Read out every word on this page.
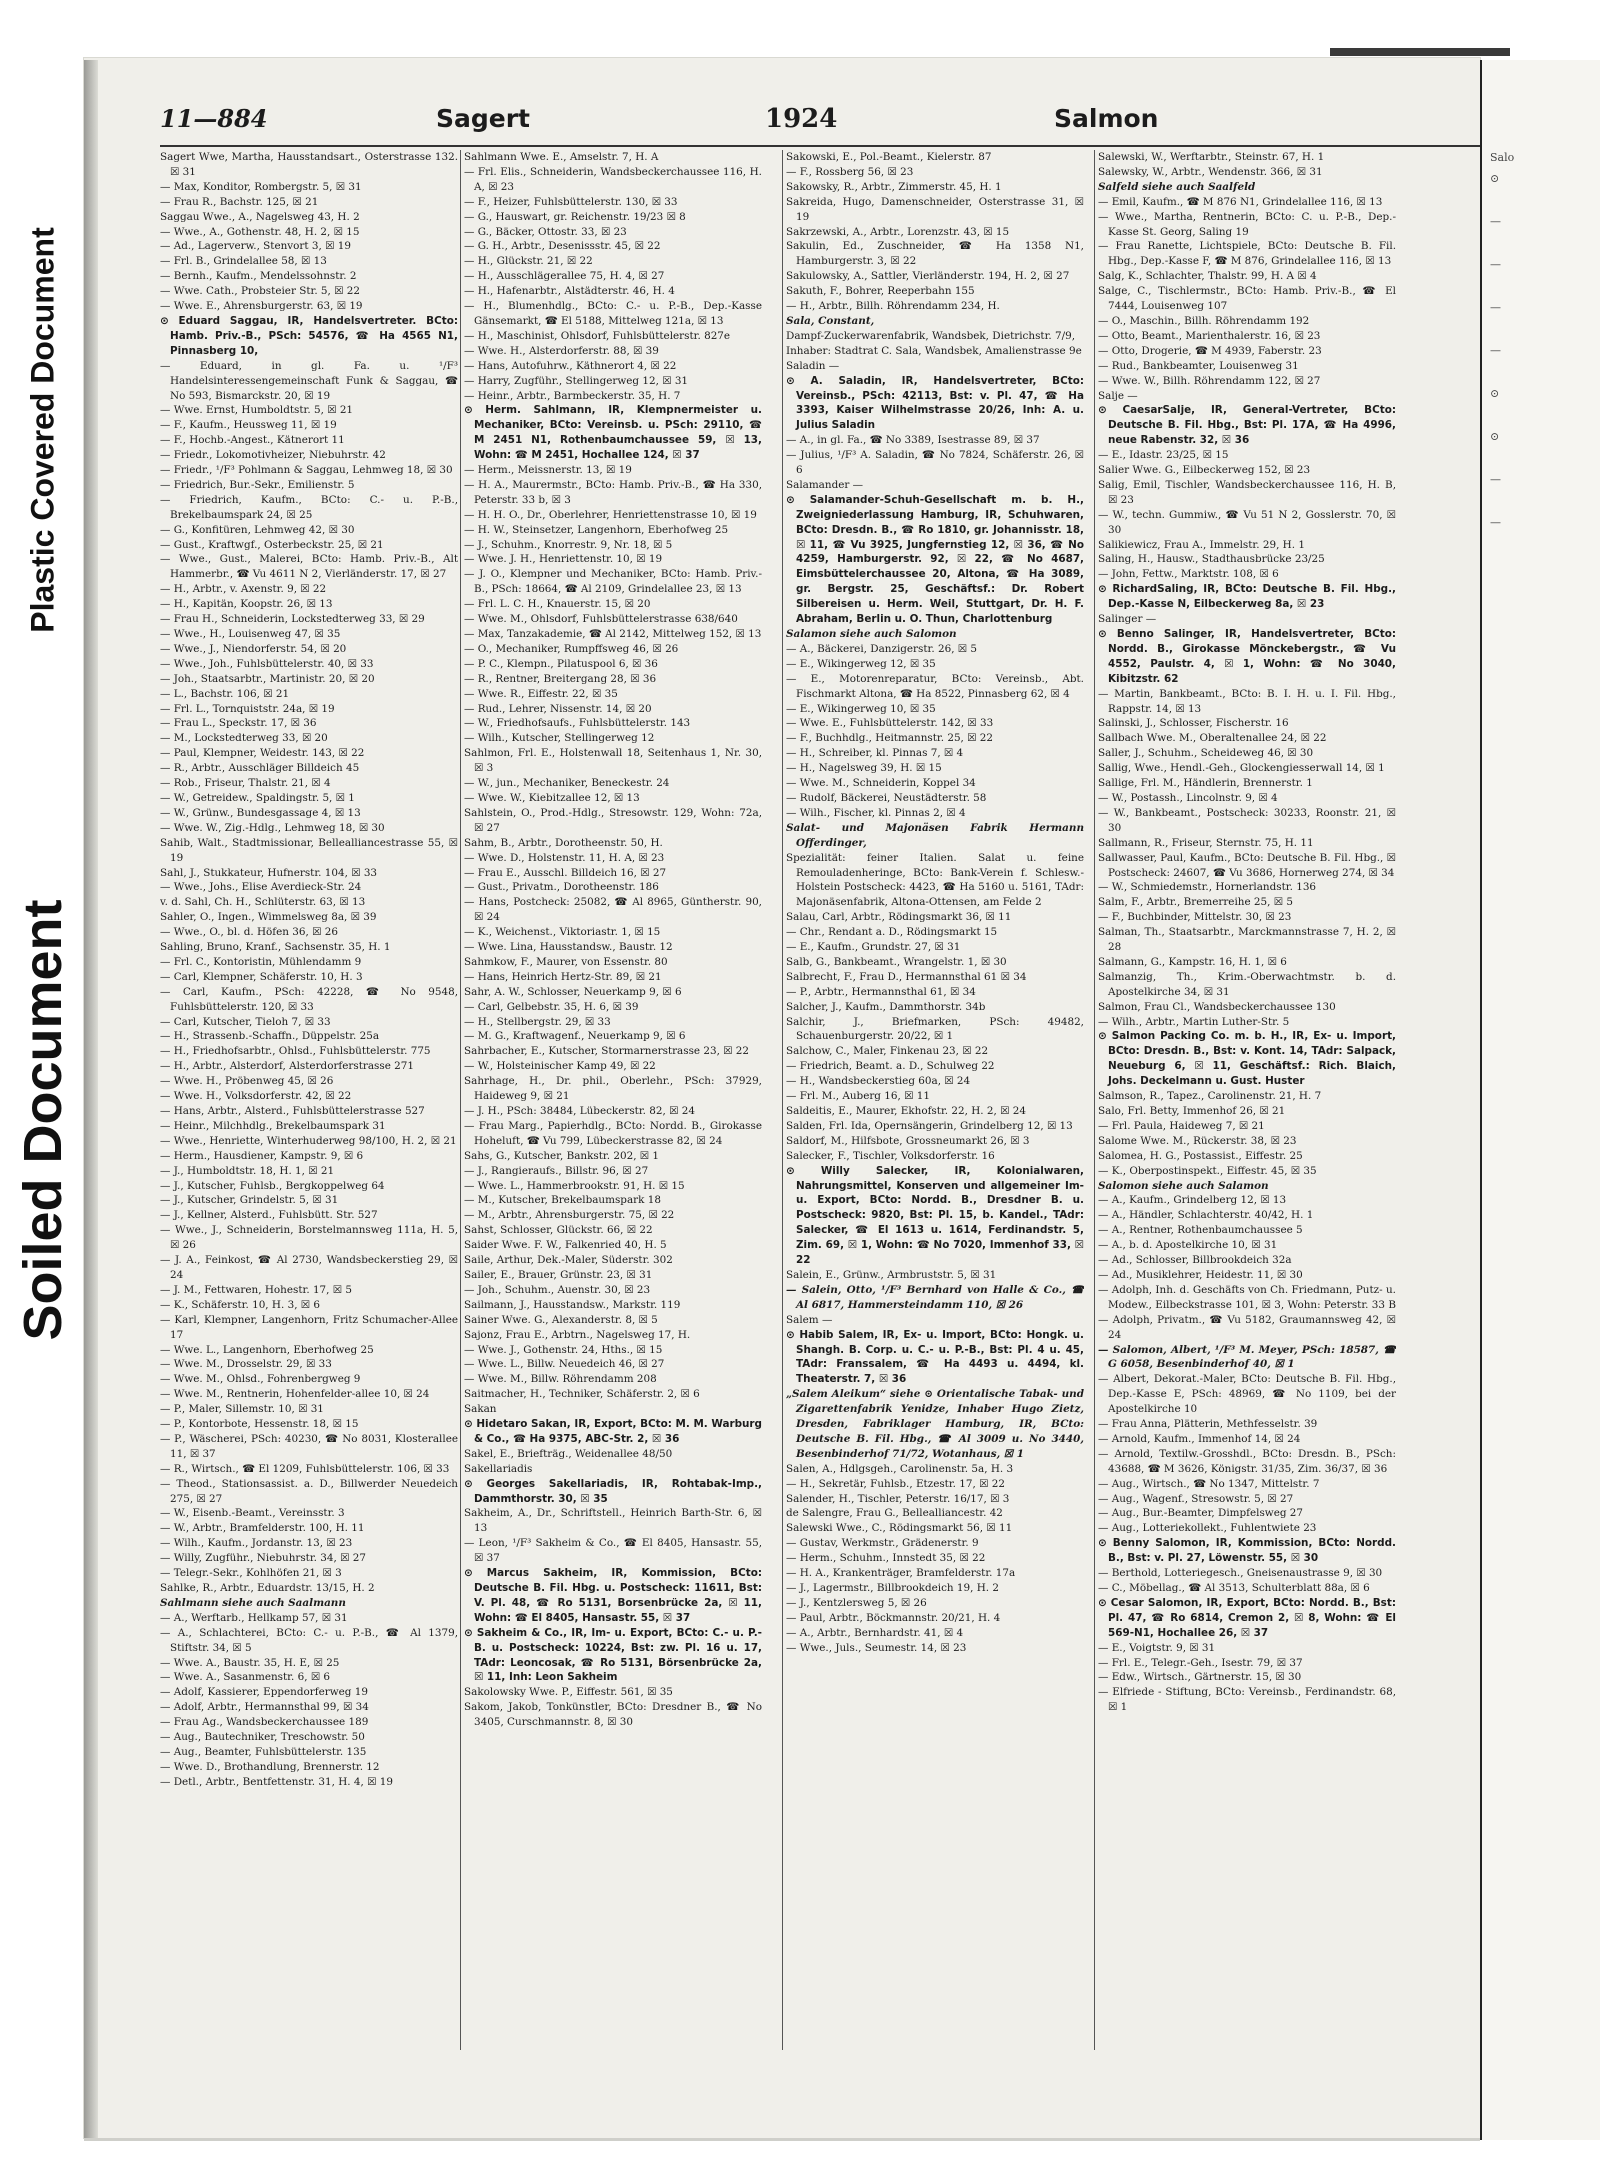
Soiled Document
Plastic Covered Document
Salo
⊙
—
—
—
—
⊙
⊙
—
—
11—884	Sagert	1924	Salmon

Sagert Wwe, Martha, Hausstandsart., Osterstrasse 132. ☒ 31

— Max, Konditor, Rombergstr. 5, ☒ 31

— Frau R., Bachstr. 125, ☒ 21

Saggau Wwe., A., Nagelsweg 43, H. 2

— Wwe., A., Gothenstr. 48, H. 2, ☒ 15

— Ad., Lagerverw., Stenvort 3, ☒ 19

— Frl. B., Grindelallee 58, ☒ 13

— Bernh., Kaufm., Mendelssohnstr. 2

— Wwe. Cath., Probsteier Str. 5, ☒ 22

— Wwe. E., Ahrensburgerstr. 63, ☒ 19

⊙ Eduard Saggau, IR, Handelsvertreter. BCto: Hamb. Priv.-B., PSch: 54576, ☎ Ha 4565 N1, Pinnasberg 10,

— Eduard, in gl. Fa. u. ¹/F³ Handelsinteressengemeinschaft Funk & Saggau, ☎ No 593, Bismarckstr. 20, ☒ 19

— Wwe. Ernst, Humboldtstr. 5, ☒ 21

— F., Kaufm., Heussweg 11, ☒ 19

— F., Hochb.-Angest., Kätnerort 11

— Friedr., Lokomotivheizer, Niebuhrstr. 42

— Friedr., ¹/F³ Pohlmann & Saggau, Lehmweg 18, ☒ 30

— Friedrich, Bur.-Sekr., Emilienstr. 5

— Friedrich, Kaufm., BCto: C.- u. P.-B., Brekelbaumspark 24, ☒ 25

— G., Konfitüren, Lehmweg 42, ☒ 30

— Gust., Kraftwgf., Osterbeckstr. 25, ☒ 21

— Wwe., Gust., Malerei, BCto: Hamb. Priv.-B., Alt Hammerbr., ☎ Vu 4611 N 2, Vierländerstr. 17, ☒ 27

— H., Arbtr., v. Axenstr. 9, ☒ 22

— H., Kapitän, Koopstr. 26, ☒ 13

— Frau H., Schneiderin, Lockstedterweg 33, ☒ 29

— Wwe., H., Louisenweg 47, ☒ 35

— Wwe., J., Niendorferstr. 54, ☒ 20

— Wwe., Joh., Fuhlsbüttelerstr. 40, ☒ 33

— Joh., Staatsarbtr., Martinistr. 20, ☒ 20

— L., Bachstr. 106, ☒ 21

— Frl. L., Tornquiststr. 24a, ☒ 19

— Frau L., Speckstr. 17, ☒ 36

— M., Lockstedterweg 33, ☒ 20

— Paul, Klempner, Weidestr. 143, ☒ 22

— R., Arbtr., Ausschläger Billdeich 45

— Rob., Friseur, Thalstr. 21, ☒ 4

— W., Getreidew., Spaldingstr. 5, ☒ 1

— W., Grünw., Bundesgassage 4, ☒ 13

— Wwe. W., Zig.-Hdlg., Lehmweg 18, ☒ 30

Sahib, Walt., Stadtmissionar, Belleallianсestrasse 55, ☒ 19

Sahl, J., Stukkateur, Hufnerstr. 104, ☒ 33

— Wwe., Johs., Elise Averdieck-Str. 24

v. d. Sahl, Ch. H., Schlüterstr. 63, ☒ 13

Sahler, O., Ingen., Wimmelsweg 8a, ☒ 39

— Wwe., O., bl. d. Höfen 36, ☒ 26

Sahling, Bruno, Kranf., Sachsenstr. 35, H. 1

— Frl. C., Kontoristin, Mühlendamm 9

— Carl, Klempner, Schäferstr. 10, H. 3

— Carl, Kaufm., PSch: 42228, ☎ No 9548, Fuhlsbüttelerstr. 120, ☒ 33

— Carl, Kutscher, Tieloh 7, ☒ 33

— H., Strassenb.-Schaffn., Düppelstr. 25a

— H., Friedhofsarbtr., Ohlsd., Fuhlsbüttelerstr. 775

— H., Arbtr., Alsterdorf, Alsterdorferstrasse 271

— Wwe. H., Pröbenweg 45, ☒ 26

— Wwe. H., Volksdorferstr. 42, ☒ 22

— Hans, Arbtr., Alsterd., Fuhlsbüttelerstrasse 527

— Heinr., Milchhdlg., Brekelbaumspark 31

— Wwe., Henriette, Winterhuderweg 98/100, H. 2, ☒ 21

— Herm., Hausdiener, Kampstr. 9, ☒ 6

— J., Humboldtstr. 18, H. 1, ☒ 21

— J., Kutscher, Fuhlsb., Bergkoppelweg 64

— J., Kutscher, Grindelstr. 5, ☒ 31

— J., Kellner, Alsterd., Fuhlsbütt. Str. 527

— Wwe., J., Schneiderin, Borstelmannsweg 111a, H. 5, ☒ 26

— J. A., Feinkost, ☎ Al 2730, Wandsbeckerstieg 29, ☒ 24

— J. M., Fettwaren, Hohestr. 17, ☒ 5

— K., Schäferstr. 10, H. 3, ☒ 6

— Karl, Klempner, Langenhorn, Fritz Schumacher-Allee 17

— Wwe. L., Langenhorn, Eberhofweg 25

— Wwe. M., Drosselstr. 29, ☒ 33

— Wwe. M., Ohlsd., Fohrenbergweg 9

— Wwe. M., Rentnerin, Hohenfelder-allee 10, ☒ 24

— P., Maler, Sillemstr. 10, ☒ 31

— P., Kontorbote, Hessenstr. 18, ☒ 15

— P., Wäscherei, PSch: 40230, ☎ No 8031, Klosterallee 11, ☒ 37

— R., Wirtsch., ☎ El 1209, Fuhlsbüttelerstr. 106, ☒ 33

— Theod., Stationsassist. a. D., Billwerder Neuedeich 275, ☒ 27

— W., Eisenb.-Beamt., Vereinsstr. 3

— W., Arbtr., Bramfelderstr. 100, H. 11

— Wilh., Kaufm., Jordanstr. 13, ☒ 23

— Willy, Zugführ., Niebuhrstr. 34, ☒ 27

— Telegr.-Sekr., Kohlhöfen 21, ☒ 3

Sahlke, R., Arbtr., Eduardstr. 13/15, H. 2

Sahlmann siehe auch Saalmann

— A., Werftarb., Hellkamp 57, ☒ 31

— A., Schlachterei, BCto: C.- u. P.-B., ☎ Al 1379, Stiftstr. 34, ☒ 5

— Wwe. A., Baustr. 35, H. E, ☒ 25

— Wwe. A., Sasanmenstr. 6, ☒ 6

— Adolf, Kassierer, Eppendorferweg 19

— Adolf, Arbtr., Hermannsthal 99, ☒ 34

— Frau Ag., Wandsbeckerchaussee 189

— Aug., Bautechniker, Treschowstr. 50

— Aug., Beamter, Fuhlsbüttelerstr. 135

— Wwe. D., Brothandlung, Brennerstr. 12

— Detl., Arbtr., Bentfettenstr. 31, H. 4, ☒ 19

Sahlmann Wwe. E., Amselstr. 7, H. A

— Frl. Elis., Schneiderin, Wandsbeckerchaussee 116, H. A, ☒ 23

— F., Heizer, Fuhlsbüttelerstr. 130, ☒ 33

— G., Hauswart, gr. Reichenstr. 19/23 ☒ 8

— G., Bäcker, Ottostr. 33, ☒ 23

— G. H., Arbtr., Desenissstr. 45, ☒ 22

— H., Glückstr. 21, ☒ 22

— H., Ausschlägerallee 75, H. 4, ☒ 27

— H., Hafenarbtr., Alstädterstr. 46, H. 4

— H., Blumenhdlg., BCto: C.- u. P.-B., Dep.-Kasse Gänsemarkt, ☎ El 5188, Mittelweg 121a, ☒ 13

— H., Maschinist, Ohlsdorf, Fuhlsbüttelerstr. 827e

— Wwe. H., Alsterdorferstr. 88, ☒ 39

— Hans, Autofuhrw., Käthnerort 4, ☒ 22

— Harry, Zugführ., Stellingerweg 12, ☒ 31

— Heinr., Arbtr., Barmbeckerstr. 35, H. 7

⊙ Herm. Sahlmann, IR, Klempnermeister u. Mechaniker, BCto: Vereinsb. u. PSch: 29110, ☎ M 2451 N1, Rothenbaumchaussee 59, ☒ 13, Wohn: ☎ M 2451, Hochallee 124, ☒ 37

— Herm., Meissnerstr. 13, ☒ 19

— H. A., Maurermstr., BCto: Hamb. Priv.-B., ☎ Ha 330, Peterstr. 33 b, ☒ 3

— H. H. O., Dr., Oberlehrer, Henriettenstrasse 10, ☒ 19

— H. W., Steinsetzer, Langenhorn, Eberhofweg 25

— J., Schuhm., Knorrestr. 9, Nr. 18, ☒ 5

— Wwe. J. H., Henriettenstr. 10, ☒ 19

— J. O., Klempner und Mechaniker, BCto: Hamb. Priv.-B., PSch: 18664, ☎ Al 2109, Grindelallee 23, ☒ 13

— Frl. L. C. H., Knauerstr. 15, ☒ 20

— Wwe. M., Ohlsdorf, Fuhlsbüttelerstrasse 638/640

— Max, Tanzakademie, ☎ Al 2142, Mittelweg 152, ☒ 13

— O., Mechaniker, Rumpffsweg 46, ☒ 26

— P. C., Klempn., Pilatuspool 6, ☒ 36

— R., Rentner, Breitergang 28, ☒ 36

— Wwe. R., Eiffestr. 22, ☒ 35

— Rud., Lehrer, Nissenstr. 14, ☒ 20

— W., Friedhofsaufs., Fuhlsbüttelerstr. 143

— Wilh., Kutscher, Stellingerweg 12

Sahlmon, Frl. E., Holstenwall 18, Seitenhaus 1, Nr. 30, ☒ 3

— W., jun., Mechaniker, Beneckestr. 24

— Wwe. W., Kiebitzallee 12, ☒ 13

Sahlstein, O., Prod.-Hdlg., Stresowstr. 129, Wohn: 72a, ☒ 27

Sahm, B., Arbtr., Dorotheenstr. 50, H.

— Wwe. D., Holstenstr. 11, H. A, ☒ 23

— Frau E., Ausschl. Billdeich 16, ☒ 27

— Gust., Privatm., Dorotheenstr. 186

— Hans, Postcheck: 25082, ☎ Al 8965, Güntherstr. 90, ☒ 24

— K., Weichenst., Viktoriastr. 1, ☒ 15

— Wwe. Lina, Hausstandsw., Baustr. 12

Sahmkow, F., Maurer, von Essenstr. 80

— Hans, Heinrich Hertz-Str. 89, ☒ 21

Sahr, A. W., Schlosser, Neuerkamp 9, ☒ 6

— Carl, Gelbebstr. 35, H. 6, ☒ 39

— H., Stellbergstr. 29, ☒ 33

— M. G., Kraftwagenf., Neuerkamp 9, ☒ 6

Sahrbacher, E., Kutscher, Stormarnerstrasse 23, ☒ 22

— W., Holsteinischer Kamp 49, ☒ 22

Sahrhage, H., Dr. phil., Oberlehr., PSch: 37929, Haideweg 9, ☒ 21

— J. H., PSch: 38484, Lübeckerstr. 82, ☒ 24

— Frau Marg., Papierhdlg., BCto: Nordd. B., Girokasse Hoheluft, ☎ Vu 799, Lübeckerstrasse 82, ☒ 24

Sahs, G., Kutscher, Bankstr. 202, ☒ 1

— J., Rangieraufs., Billstr. 96, ☒ 27

— Wwe. L., Hammerbrookstr. 91, H. ☒ 15

— M., Kutscher, Brekelbaumspark 18

— M., Arbtr., Ahrensburgerstr. 75, ☒ 22

Sahst, Schlosser, Glückstr. 66, ☒ 22

Saider Wwe. F. W., Falkenried 40, H. 5

Saile, Arthur, Dek.-Maler, Süderstr. 302

Sailer, E., Brauer, Grünstr. 23, ☒ 31

— Joh., Schuhm., Auenstr. 30, ☒ 23

Sailmann, J., Hausstandsw., Markstr. 119

Sainer Wwe. G., Alexanderstr. 8, ☒ 5

Sajonz, Frau E., Arbtrn., Nagelsweg 17, H.

— Wwe. J., Gothenstr. 24, Hths., ☒ 15

— Wwe. L., Billw. Neuedeich 46, ☒ 27

— Wwe. M., Billw. Röhrendamm 208

Saitmacher, H., Techniker, Schäferstr. 2, ☒ 6

Sakan

⊙ Hidetaro Sakan, IR, Export, BCto: M. M. Warburg & Co., ☎ Ha 9375, ABC-Str. 2, ☒ 36

Sakel, E., Briefträg., Weidenallee 48/50

Sakellariadis

⊙ Georges Sakellariadis, IR, Rohtabak-Imp., Dammthorstr. 30, ☒ 35

Sakheim, A., Dr., Schriftstell., Heinrich Barth-Str. 6, ☒ 13

— Leon, ¹/F³ Sakheim & Co., ☎ El 8405, Hansastr. 55, ☒ 37

⊙ Marcus Sakheim, IR, Kommission, BCto: Deutsche B. Fil. Hbg. u. Postscheck: 11611, Bst: V. Pl. 48, ☎ Ro 5131, Borsenbrücke 2a, ☒ 11, Wohn: ☎ El 8405, Hansastr. 55, ☒ 37

⊙ Sakheim & Co., IR, Im- u. Export, BCto: C.- u. P.-B. u. Postscheck: 10224, Bst: zw. Pl. 16 u. 17, TAdr: Leoncosak, ☎ Ro 5131, Börsenbrücke 2a, ☒ 11, Inh: Leon Sakheim

Sakolowsky Wwe. P., Eiffestr. 561, ☒ 35

Sakom, Jakob, Tonkünstler, BCto: Dresdner B., ☎ No 3405, Curschmannstr. 8, ☒ 30

Sakowski, E., Pol.-Beamt., Kielerstr. 87

— F., Rossberg 56, ☒ 23

Sakowsky, R., Arbtr., Zimmerstr. 45, H. 1

Sakreida, Hugo, Damenschneider, Osterstrasse 31, ☒ 19

Sakrzewski, A., Arbtr., Lorenzstr. 43, ☒ 15

Sakulin, Ed., Zuschneider, ☎ Ha 1358 N1, Hamburgerstr. 3, ☒ 22

Sakulowsky, A., Sattler, Vierländerstr. 194, H. 2, ☒ 27

Sakuth, F., Bohrer, Reeperbahn 155

— H., Arbtr., Billh. Röhrendamm 234, H.

Sala, Constant,

Dampf-Zuckerwarenfabrik, Wandsbek, Dietrichstr. 7/9,

Inhaber: Stadtrat C. Sala, Wandsbek, Amalienstrasse 9e

Saladin —

⊙ A. Saladin, IR, Handelsvertreter, BCto: Vereinsb., PSch: 42113, Bst: v. Pl. 47, ☎ Ha 3393, Kaiser Wilhelmstrasse 20/26, Inh: A. u. Julius Saladin

— A., in gl. Fa., ☎ No 3389, Isestrasse 89, ☒ 37

— Julius, ¹/F³ A. Saladin, ☎ No 7824, Schäferstr. 26, ☒ 6

Salamander —

⊙ Salamander-Schuh-Gesellschaft m. b. H., Zweigniederlassung Hamburg, IR, Schuhwaren, BCto: Dresdn. B., ☎ Ro 1810, gr. Johannisstr. 18, ☒ 11, ☎ Vu 3925, Jungfernstieg 12, ☒ 36, ☎ No 4259, Hamburgerstr. 92, ☒ 22, ☎ No 4687, Eimsbüttelerchaussee 20, Altona, ☎ Ha 3089, gr. Bergstr. 25, Geschäftsf.: Dr. Robert Silbereisen u. Herm. Weil, Stuttgart, Dr. H. F. Abraham, Berlin u. O. Thun, Charlottenburg

Salamon siehe auch Salomon

— A., Bäckerei, Danzigerstr. 26, ☒ 5

— E., Wikingerweg 12, ☒ 35

— E., Motorenreparatur, BCto: Vereinsb., Abt. Fischmarkt Altona, ☎ Ha 8522, Pinnasberg 62, ☒ 4

— E., Wikingerweg 10, ☒ 35

— Wwe. E., Fuhlsbüttelerstr. 142, ☒ 33

— F., Buchhdlg., Heitmannstr. 25, ☒ 22

— H., Schreiber, kl. Pinnas 7, ☒ 4

— H., Nagelsweg 39, H. ☒ 15

— Wwe. M., Schneiderin, Koppel 34

— Rudolf, Bäckerei, Neustädterstr. 58

— Wilh., Fischer, kl. Pinnas 2, ☒ 4

Salat- und Majonäsen Fabrik Hermann Offerdinger,

Spezialität: feiner Italien. Salat u. feine Remouladenheringe, BCto: Bank-Verein f. Schlesw.-Holstein Postscheck: 4423, ☎ Ha 5160 u. 5161, TAdr: Majonäsenfabrik, Altona-Ottensen, am Felde 2

Salau, Carl, Arbtr., Rödingsmarkt 36, ☒ 11

— Chr., Rendant a. D., Rödingsmarkt 15

— E., Kaufm., Grundstr. 27, ☒ 31

Salb, G., Bankbeamt., Wrangelstr. 1, ☒ 30

Salbrecht, F., Frau D., Hermannsthal 61 ☒ 34

— P., Arbtr., Hermannsthal 61, ☒ 34

Salcher, J., Kaufm., Dammthorstr. 34b

Salchir, J., Briefmarken, PSch: 49482, Schauenburgerstr. 20/22, ☒ 1

Salchow, C., Maler, Finkenau 23, ☒ 22

— Friedrich, Beamt. a. D., Schulweg 22

— H., Wandsbeckerstieg 60a, ☒ 24

— Frl. M., Auberg 16, ☒ 11

Saldeitis, E., Maurer, Ekhofstr. 22, H. 2, ☒ 24

Salden, Frl. Ida, Opernsängerin, Grindelberg 12, ☒ 13

Saldorf, M., Hilfsbote, Grossneumarkt 26, ☒ 3

Salecker, F., Tischler, Volksdorferstr. 16

⊙ Willy Salecker, IR, Kolonialwaren, Nahrungsmittel, Konserven und allgemeiner Im- u. Export, BCto: Nordd. B., Dresdner B. u. Postscheck: 9820, Bst: Pl. 15, b. Kandel., TAdr: Salecker, ☎ El 1613 u. 1614, Ferdinandstr. 5, Zim. 69, ☒ 1, Wohn: ☎ No 7020, Immenhof 33, ☒ 22

Salein, E., Grünw., Armbruststr. 5, ☒ 31

— Salein, Otto, ¹/F³ Bernhard von Halle & Co., ☎ Al 6817, Hammersteindamm 110, ☒ 26

Salem —

⊙ Habib Salem, IR, Ex- u. Import, BCto: Hongk. u. Shangh. B. Corp. u. C.- u. P.-B., Bst: Pl. 4 u. 45, TAdr: Franssalem, ☎ Ha 4493 u. 4494, kl. Theaterstr. 7, ☒ 36

„Salem Aleikum“ siehe ⊙ Orientalische Tabak- und Zigarettenfabrik Yenidze, Inhaber Hugo Zietz, Dresden, Fabriklager Hamburg, IR, BCto: Deutsche B. Fil. Hbg., ☎ Al 3009 u. No 3440, Besenbinderhof 71/72, Wotanhaus, ☒ 1

Salen, A., Hdlgsgeh., Carolinenstr. 5a, H. 3

— H., Sekretär, Fuhlsb., Etzestr. 17, ☒ 22

Salender, H., Tischler, Peterstr. 16/17, ☒ 3

de Salengre, Frau G., Belleallianсestr. 42

Salewski Wwe., C., Rödingsmarkt 56, ☒ 11

— Gustav, Werkmstr., Grädenerstr. 9

— Herm., Schuhm., Innstedt 35, ☒ 22

— H. A., Krankenträger, Bramfelderstr. 17a

— J., Lagermstr., Billbrookdeich 19, H. 2

— J., Kentzlersweg 5, ☒ 26

— Paul, Arbtr., Böckmannstr. 20/21, H. 4

— A., Arbtr., Bernhardstr. 41, ☒ 4

— Wwe., Juls., Seumestr. 14, ☒ 23

Salewski, W., Werftarbtr., Steinstr. 67, H. 1

Salewsky, W., Arbtr., Wendenstr. 366, ☒ 31

Salfeld siehe auch Saalfeld

— Emil, Kaufm., ☎ M 876 N1, Grindelallee 116, ☒ 13

— Wwe., Martha, Rentnerin, BCto: C. u. P.-B., Dep.-Kasse St. Georg, Saling 19

— Frau Ranette, Lichtspiele, BCto: Deutsche B. Fil. Hbg., Dep.-Kasse F, ☎ M 876, Grindelallee 116, ☒ 13

Salg, K., Schlachter, Thalstr. 99, H. A ☒ 4

Salge, C., Tischlermstr., BCto: Hamb. Priv.-B., ☎ El 7444, Louisenweg 107

— O., Maschin., Billh. Röhrendamm 192

— Otto, Beamt., Marienthalerstr. 16, ☒ 23

— Otto, Drogerie, ☎ M 4939, Faberstr. 23

— Rud., Bankbeamter, Louisenweg 31

— Wwe. W., Billh. Röhrendamm 122, ☒ 27

Salje —

⊙ CaesarSalje, IR, General-Vertreter, BCto: Deutsche B. Fil. Hbg., Bst: Pl. 17A, ☎ Ha 4996, neue Rabenstr. 32, ☒ 36

— E., Idastr. 23/25, ☒ 15

Salier Wwe. G., Eilbeckerweg 152, ☒ 23

Salig, Emil, Tischler, Wandsbeckerchaussee 116, H. B, ☒ 23

— W., techn. Gummiw., ☎ Vu 51 N 2, Gosslerstr. 70, ☒ 30

Salikiewicz, Frau A., Immelstr. 29, H. 1

Saling, H., Hausw., Stadthausbrücke 23/25

— John, Fettw., Marktstr. 108, ☒ 6

⊙ RichardSaling, IR, BCto: Deutsche B. Fil. Hbg., Dep.-Kasse N, Eilbeckerweg 8a, ☒ 23

Salinger —

⊙ Benno Salinger, IR, Handelsvertreter, BCto: Nordd. B., Girokasse Mönckebergstr., ☎ Vu 4552, Paulstr. 4, ☒ 1, Wohn: ☎ No 3040, Kibitzstr. 62

— Martin, Bankbeamt., BCto: B. I. H. u. I. Fil. Hbg., Rappstr. 14, ☒ 13

Salinski, J., Schlosser, Fischerstr. 16

Sallbach Wwe. M., Oberaltenallee 24, ☒ 22

Saller, J., Schuhm., Scheideweg 46, ☒ 30

Sallig, Wwe., Hendl.-Geh., Glockengiesserwall 14, ☒ 1

Sallige, Frl. M., Händlerin, Brennerstr. 1

— W., Postassh., Lincolnstr. 9, ☒ 4

— W., Bankbeamt., Postscheck: 30233, Roonstr. 21, ☒ 30

Sallmann, R., Friseur, Sternstr. 75, H. 11

Sallwasser, Paul, Kaufm., BCto: Deutsche B. Fil. Hbg., ☒ Postscheck: 24607, ☎ Vu 3686, Hornerweg 274, ☒ 34

— W., Schmiedemstr., Hornerlandstr. 136

Salm, F., Arbtr., Bremerreihe 25, ☒ 5

— F., Buchbinder, Mittelstr. 30, ☒ 23

Salman, Th., Staatsarbtr., Marckmannstrasse 7, H. 2, ☒ 28

Salmann, G., Kampstr. 16, H. 1, ☒ 6

Salmanzig, Th., Krim.-Oberwachtmstr. b. d. Apostelkirche 34, ☒ 31

Salmon, Frau Cl., Wandsbeckerchaussee 130

— Wilh., Arbtr., Martin Luther-Str. 5

⊙ Salmon Packing Co. m. b. H., IR, Ex- u. Import, BCto: Dresdn. B., Bst: v. Kont. 14, TAdr: Salpack, Neueburg 6, ☒ 11, Geschäftsf.: Rich. Blaich, Johs. Deckelmann u. Gust. Huster

Salmson, R., Tapez., Carolinenstr. 21, H. 7

Salo, Frl. Betty, Immenhof 26, ☒ 21

— Frl. Paula, Haideweg 7, ☒ 21

Salome Wwe. M., Rückerstr. 38, ☒ 23

Salomea, H. G., Postassist., Eiffestr. 25

— K., Oberpostinspekt., Eiffestr. 45, ☒ 35

Salomon siehe auch Salamon

— A., Kaufm., Grindelberg 12, ☒ 13

— A., Händler, Schlachterstr. 40/42, H. 1

— A., Rentner, Rothenbaumchaussee 5

— A., b. d. Apostelkirche 10, ☒ 31

— Ad., Schlosser, Billbrookdeich 32a

— Ad., Musiklehrer, Heidestr. 11, ☒ 30

— Adolph, Inh. d. Geschäfts von Ch. Friedmann, Putz- u. Modew., Eilbeckstrasse 101, ☒ 3, Wohn: Peterstr. 33 B

— Adolph, Privatm., ☎ Vu 5182, Graumannsweg 42, ☒ 24

— Salomon, Albert, ¹/F³ M. Meyer, PSch: 18587, ☎ G 6058, Besenbinderhof 40, ☒ 1

— Albert, Dekorat.-Maler, BCto: Deutsche B. Fil. Hbg., Dep.-Kasse E, PSch: 48969, ☎ No 1109, bei der Apostelkirche 10

— Frau Anna, Plätterin, Methfesselstr. 39

— Arnold, Kaufm., Immenhof 14, ☒ 24

— Arnold, Textilw.-Grosshdl., BCto: Dresdn. B., PSch: 43688, ☎ M 3626, Königstr. 31/35, Zim. 36/37, ☒ 36

— Aug., Wirtsch., ☎ No 1347, Mittelstr. 7

— Aug., Wagenf., Stresowstr. 5, ☒ 27

— Aug., Bur.-Beamter, Dimpfelsweg 27

— Aug., Lotteriekollekt., Fuhlentwiete 23

⊙ Benny Salomon, IR, Kommission, BCto: Nordd. B., Bst: v. Pl. 27, Löwenstr. 55, ☒ 30

— Berthold, Lotteriegesch., Gneisenaustrasse 9, ☒ 30

— C., Möbellag., ☎ Al 3513, Schulterblatt 88a, ☒ 6

⊙ Cesar Salomon, IR, Export, BCto: Nordd. B., Bst: Pl. 47, ☎ Ro 6814, Cremon 2, ☒ 8, Wohn: ☎ El 569-N1, Hochallee 26, ☒ 37

— E., Voigtstr. 9, ☒ 31

— Frl. E., Telegr.-Geh., Isestr. 79, ☒ 37

— Edw., Wirtsch., Gärtnerstr. 15, ☒ 30

— Elfriede - Stiftung, BCto: Vereinsb., Ferdinandstr. 68, ☒ 1
